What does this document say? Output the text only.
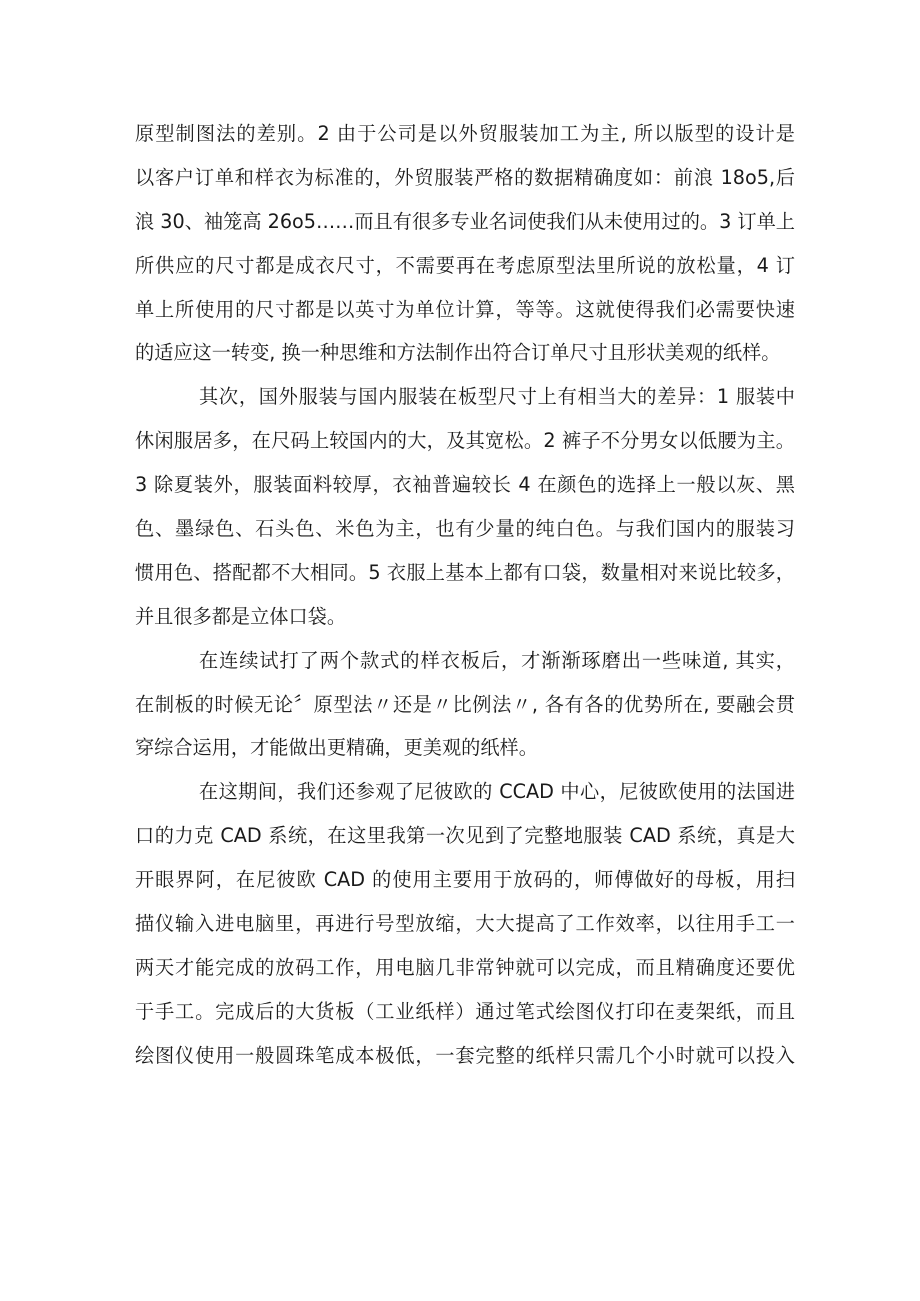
原型制图法的差别。2 由于公司是以外贸服装加工为主, 所以版型的设计是
以客户订单和样衣为标准的，外贸服装严格的数据精确度如：前浪 18o5,后
浪 30、袖笼高 26o5……而且有很多专业名词使我们从未使用过的。3 订单上
所供应的尺寸都是成衣尺寸，不需要再在考虑原型法里所说的放松量，4 订
单上所使用的尺寸都是以英寸为单位计算，等等。这就使得我们必需要快速
的适应这一转变, 换一种思维和方法制作出符合订单尺寸且形状美观的纸样。
其次，国外服装与国内服装在板型尺寸上有相当大的差异：1 服装中
休闲服居多，在尺码上较国内的大，及其宽松。2 裤子不分男女以低腰为主。
3 除夏装外，服装面料较厚，衣袖普遍较长 4 在颜色的选择上一般以灰、黑
色、墨绿色、石头色、米色为主，也有少量的纯白色。与我们国内的服装习
惯用色、搭配都不大相同。5 衣服上基本上都有口袋，数量相对来说比较多，
并且很多都是立体口袋。
在连续试打了两个款式的样衣板后，才渐渐琢磨出一些味道, 其实，
在制板的时候无论〞原型法〃还是〃比例法〃, 各有各的优势所在, 要融会贯
穿综合运用，才能做出更精确，更美观的纸样。
在这期间，我们还参观了尼彼欧的 CCAD 中心，尼彼欧使用的法国进
口的力克 CAD 系统，在这里我第一次见到了完整地服装 CAD 系统，真是大
开眼界阿，在尼彼欧 CAD 的使用主要用于放码的，师傅做好的母板，用扫
描仪输入进电脑里，再进行号型放缩，大大提高了工作效率，以往用手工一
两天才能完成的放码工作，用电脑几非常钟就可以完成，而且精确度还要优
于手工。完成后的大货板（工业纸样）通过笔式绘图仪打印在麦架纸，而且
绘图仪使用一般圆珠笔成本极低，一套完整的纸样只需几个小时就可以投入
